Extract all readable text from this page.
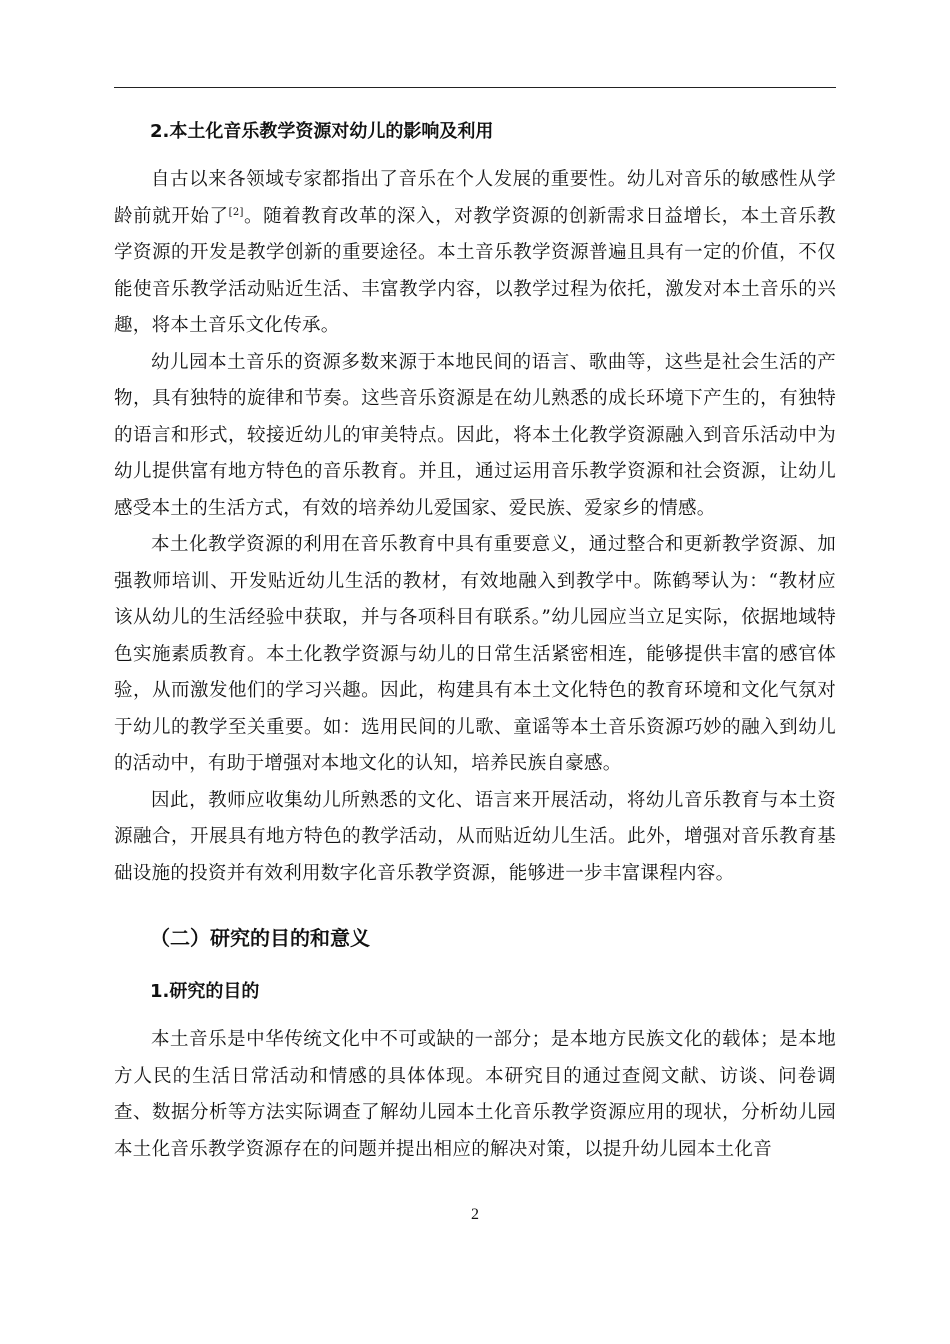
2.本土化音乐教学资源对幼儿的影响及利用

自古以来各领域专家都指出了音乐在个人发展的重要性。幼儿对音乐的敏感性从学龄前就开始了[2]。随着教育改革的深入，对教学资源的创新需求日益增长，本土音乐教学资源的开发是教学创新的重要途径。本土音乐教学资源普遍且具有一定的价值，不仅能使音乐教学活动贴近生活、丰富教学内容，以教学过程为依托，激发对本土音乐的兴趣，将本土音乐文化传承。

幼儿园本土音乐的资源多数来源于本地民间的语言、歌曲等，这些是社会生活的产物，具有独特的旋律和节奏。这些音乐资源是在幼儿熟悉的成长环境下产生的，有独特的语言和形式，较接近幼儿的审美特点。因此，将本土化教学资源融入到音乐活动中为幼儿提供富有地方特色的音乐教育。并且，通过运用音乐教学资源和社会资源，让幼儿感受本土的生活方式，有效的培养幼儿爱国家、爱民族、爱家乡的情感。

本土化教学资源的利用在音乐教育中具有重要意义，通过整合和更新教学资源、加强教师培训、开发贴近幼儿生活的教材，有效地融入到教学中。陈鹤琴认为：“教材应该从幼儿的生活经验中获取，并与各项科目有联系。”幼儿园应当立足实际，依据地域特色实施素质教育。本土化教学资源与幼儿的日常生活紧密相连，能够提供丰富的感官体验，从而激发他们的学习兴趣。因此，构建具有本土文化特色的教育环境和文化气氛对于幼儿的教学至关重要。如：选用民间的儿歌、童谣等本土音乐资源巧妙的融入到幼儿的活动中，有助于增强对本地文化的认知，培养民族自豪感。

因此，教师应收集幼儿所熟悉的文化、语言来开展活动，将幼儿音乐教育与本土资源融合，开展具有地方特色的教学活动，从而贴近幼儿生活。此外，增强对音乐教育基础设施的投资并有效利用数字化音乐教学资源，能够进一步丰富课程内容。

（二）研究的目的和意义
1.研究的目的

本土音乐是中华传统文化中不可或缺的一部分；是本地方民族文化的载体；是本地方人民的生活日常活动和情感的具体体现。本研究目的通过查阅文献、访谈、问卷调查、数据分析等方法实际调查了解幼儿园本土化音乐教学资源应用的现状，分析幼儿园本土化音乐教学资源存在的问题并提出相应的解决对策，以提升幼儿园本土化音

2
